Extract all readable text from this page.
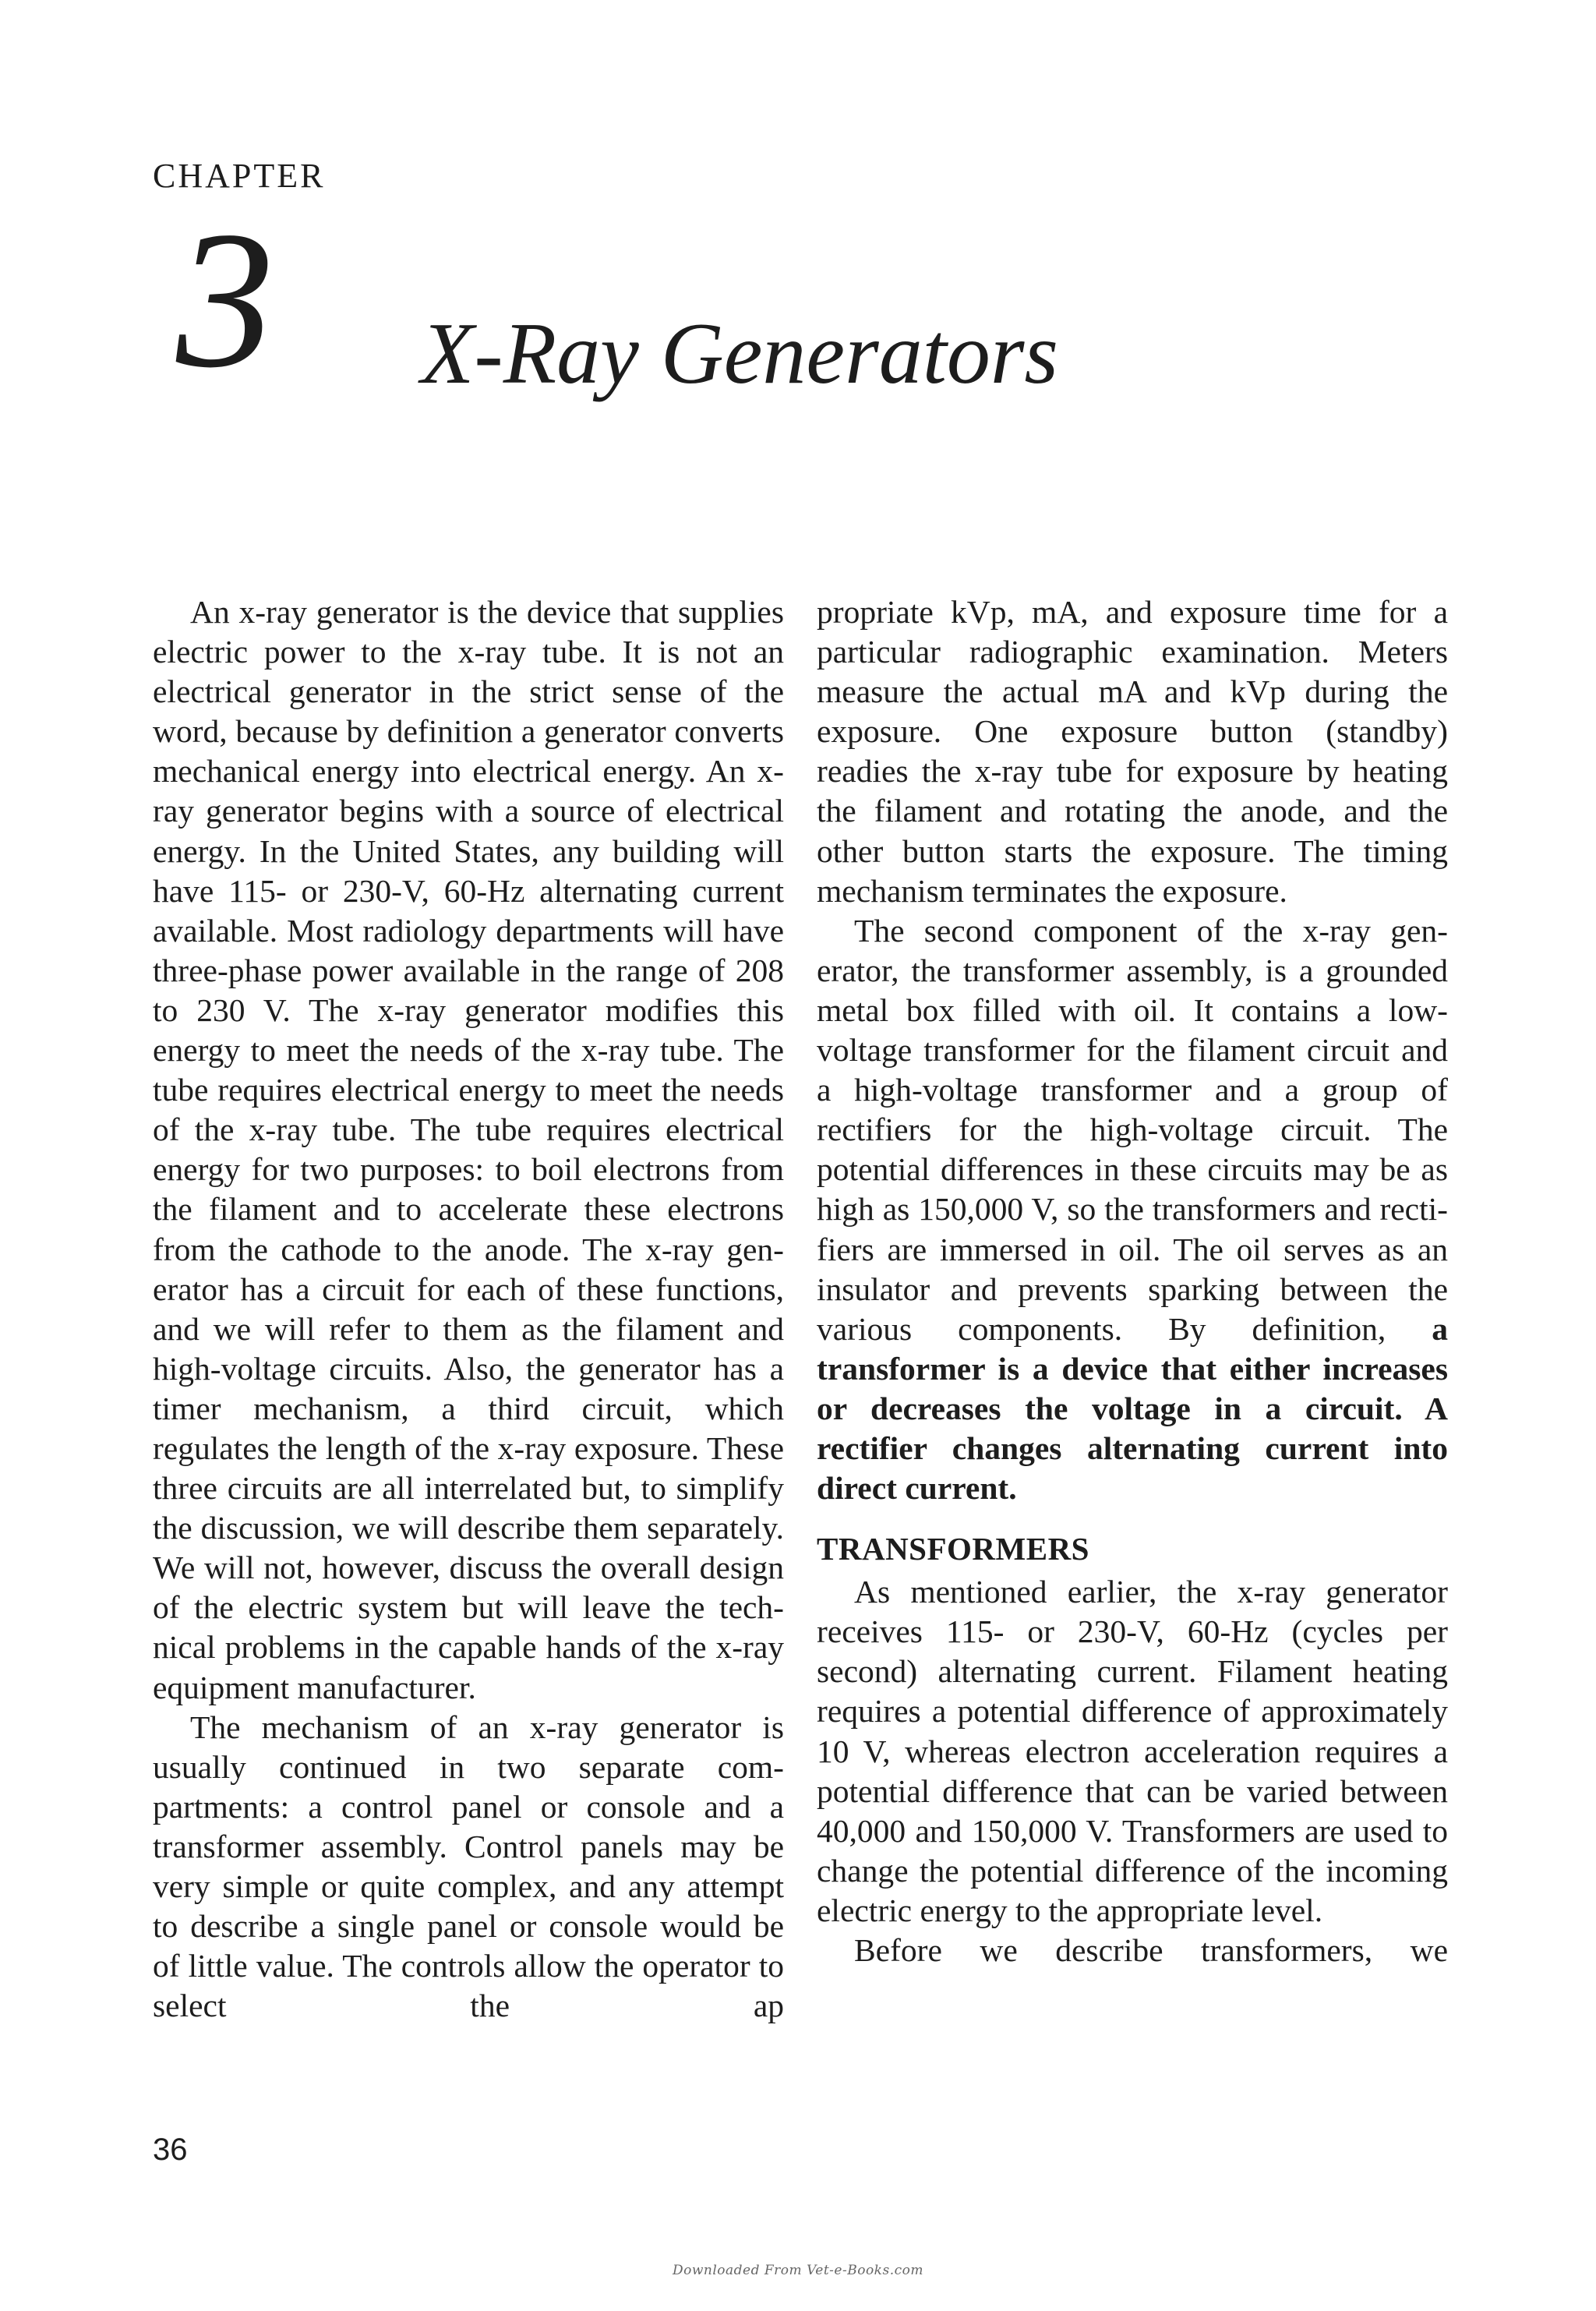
CHAPTER
3 X-Ray Generators

An x-ray generator is the device that supplies electric power to the x-ray tube. It is not an electrical generator in the strict sense of the word, because by definition a generator converts mechanical energy into electrical energy. An x-ray generator begins with a source of electrical energy. In the United States, any building will have 115- or 230-V, 60-Hz alternating current available. Most radiology departments will have three-phase power available in the range of 208 to 230 V. The x-ray generator modifies this energy to meet the needs of the x-ray tube. The tube requires electrical energy to meet the needs of the x-ray tube. The tube requires electrical energy for two purposes: to boil electrons from the filament and to accelerate these electrons from the cathode to the anode. The x-ray generator has a circuit for each of these functions, and we will refer to them as the filament and high-voltage circuits. Also, the generator has a timer mechanism, a third circuit, which regulates the length of the x-ray exposure. These three circuits are all interrelated but, to simplify the discussion, we will describe them separately. We will not, however, discuss the overall design of the electric system but will leave the technical problems in the capable hands of the x-ray equipment manufacturer.

The mechanism of an x-ray generator is usually continued in two separate compartments: a control panel or console and a transformer assembly. Control panels may be very simple or quite complex, and any attempt to describe a single panel or console would be of little value. The controls allow the operator to select the ap

propriate kVp, mA, and exposure time for a particular radiographic examination. Meters measure the actual mA and kVp during the exposure. One exposure button (standby) readies the x-ray tube for exposure by heating the filament and rotating the anode, and the other button starts the exposure. The timing mechanism terminates the exposure.

The second component of the x-ray generator, the transformer assembly, is a grounded metal box filled with oil. It contains a low-voltage transformer for the filament circuit and a high-voltage transformer and a group of rectifiers for the high-voltage circuit. The potential differences in these circuits may be as high as 150,000 V, so the transformers and rectifiers are immersed in oil. The oil serves as an insulator and prevents sparking between the various components. By definition, a transformer is a device that either increases or decreases the voltage in a circuit. A rectifier changes alternating current into direct current.

TRANSFORMERS

As mentioned earlier, the x-ray generator receives 115- or 230-V, 60-Hz (cycles per second) alternating current. Filament heating requires a potential difference of approximately 10 V, whereas electron acceleration requires a potential difference that can be varied between 40,000 and 150,000 V. Transformers are used to change the potential difference of the incoming electric energy to the appropriate level.

Before we describe transformers, we

36
Downloaded From Vet-e-Books.com
